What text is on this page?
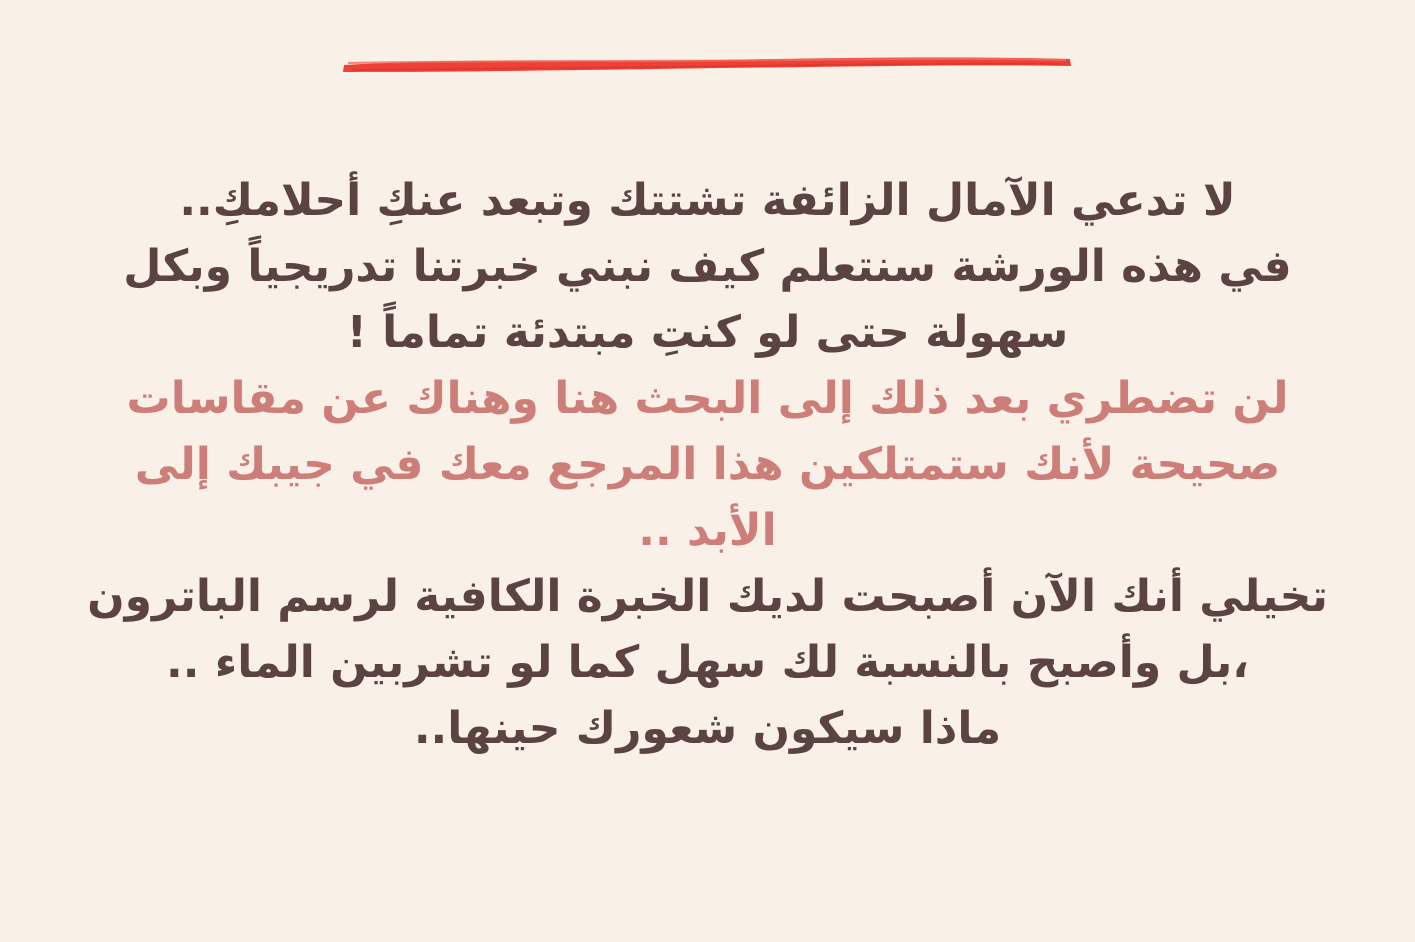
لا تدعي الآمال الزائفة تشتتك وتبعد عنكِ أحلامكِ..
في هذه الورشة سنتعلم كيف نبني خبرتنا تدريجياً وبكل
سهولة حتى لو كنتِ مبتدئة تماماً !
لن تضطري بعد ذلك إلى البحث هنا وهناك عن مقاسات
صحيحة لأنك ستمتلكين هذا المرجع معك في جيبك إلى
الأبد ..
تخيلي أنك الآن أصبحت لديك الخبرة الكافية لرسم الباترون
،بل وأصبح بالنسبة لك سهل كما لو تشربين الماء ..
ماذا سيكون شعورك حينها..
